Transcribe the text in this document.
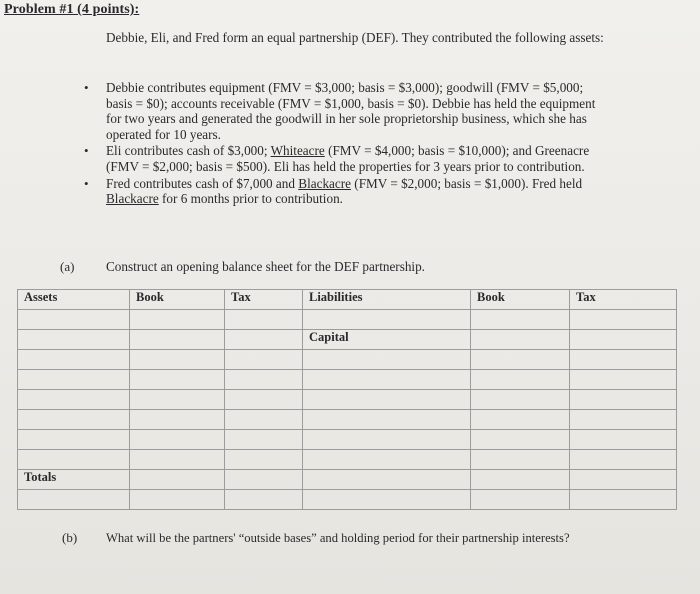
Problem #1 (4 points):
Debbie, Eli, and Fred form an equal partnership (DEF). They contributed the following assets:
• Debbie contributes equipment (FMV = $3,000; basis = $3,000); goodwill (FMV = $5,000; basis = $0); accounts receivable (FMV = $1,000, basis = $0). Debbie has held the equipment for two years and generated the goodwill in her sole proprietorship business, which she has operated for 10 years.
• Eli contributes cash of $3,000; Whiteacre (FMV = $4,000; basis = $10,000); and Greenacre (FMV = $2,000; basis = $500). Eli has held the properties for 3 years prior to contribution.
• Fred contributes cash of $7,000 and Blackacre (FMV = $2,000; basis = $1,000). Fred held Blackacre for 6 months prior to contribution.
(a) Construct an opening balance sheet for the DEF partnership.
Assets	Book	Tax	Liabilities	Book	Tax

			Capital		

Totals					

(b) What will be the partners' “outside bases” and holding period for their partnership interests?
